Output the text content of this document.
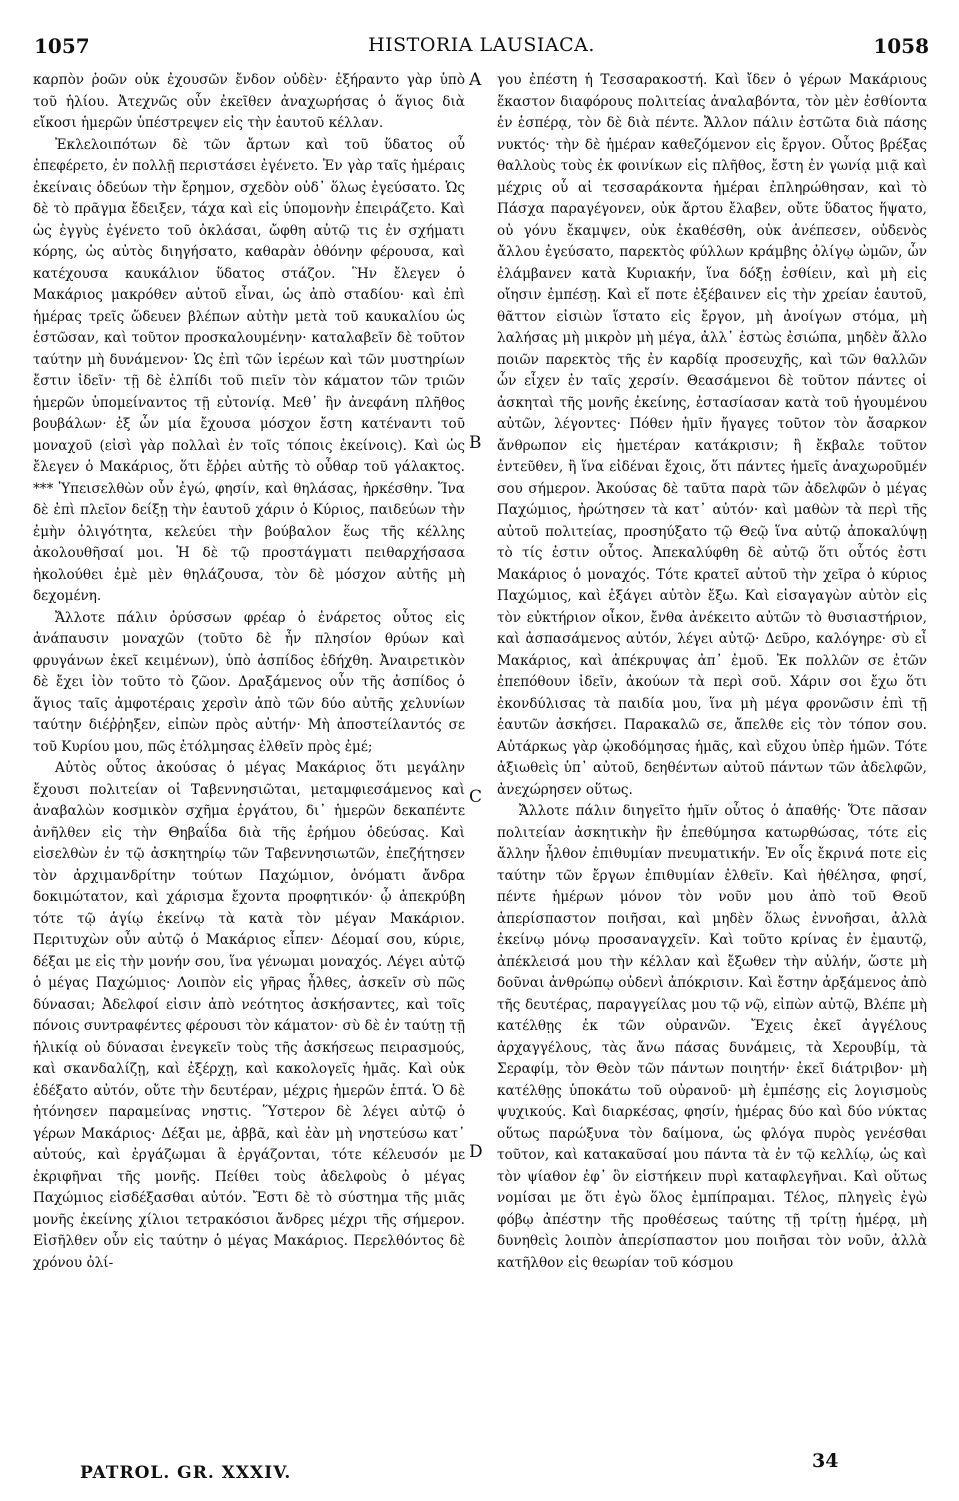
1057	HISTORIA LAUSIACA.	1058

καρπὸν ῥοῶν οὐκ ἐχουσῶν ἔνδον οὐδὲν· ἐξήραντο γὰρ ὑπὸ τοῦ ἡλίου. Ἀτεχνῶς οὖν ἐκεῖθεν ἀναχωρήσας ὁ ἅγιος διὰ εἴκοσι ἡμερῶν ὑπέστρεψεν εἰς τὴν ἑαυτοῦ κέλλαν.

Ἐκλελοιπότων δὲ τῶν ἄρτων καὶ τοῦ ὕδατος οὗ ἐπεφέρετο, ἐν πολλῇ περιστάσει ἐγένετο. Ἐν γὰρ ταῖς ἡμέραις ἐκείναις ὁδεύων τὴν ἔρημον, σχεδὸν οὐδ᾽ ὅλως ἐγεύσατο. Ὡς δὲ τὸ πρᾶγμα ἔδειξεν, τάχα καὶ εἰς ὑπομονὴν ἐπειράζετο. Καὶ ὡς ἐγγὺς ἐγένετο τοῦ ὀκλάσαι, ὤφθη αὐτῷ τις ἐν σχήματι κόρης, ὡς αὐτὸς διηγήσατο, καθαρὰν ὀθόνην φέρουσα, καὶ κατέχουσα καυκάλιον ὕδατος στάζον. Ἣν ἔλεγεν ὁ Μακάριος μακρόθεν αὐτοῦ εἶναι, ὡς ἀπὸ σταδίου· καὶ ἐπὶ ἡμέρας τρεῖς ὥδευεν βλέπων αὐτὴν μετὰ τοῦ καυκαλίου ὡς ἑστῶσαν, καὶ τοῦτον προσκαλουμένην· καταλαβεῖν δὲ τοῦτον ταύτην μὴ δυνάμενον· Ὡς ἐπὶ τῶν ἱερέων καὶ τῶν μυστηρίων ἔστιν ἰδεῖν· τῇ δὲ ἐλπίδι τοῦ πιεῖν τὸν κάματον τῶν τριῶν ἡμερῶν ὑπομείναντος τῇ εὐτονίᾳ. Μεθ᾽ ἣν ἀνεφάνη πλῆθος βουβάλων· ἐξ ὧν μία ἔχουσα μόσχον ἔστη κατέναντι τοῦ μοναχοῦ (εἰσὶ γὰρ πολλαὶ ἐν τοῖς τόποις ἐκείνοις). Καὶ ὡς ἔλεγεν ὁ Μακάριος, ὅτι ἔῤῥει αὐτῆς τὸ οὖθαρ τοῦ γάλακτος. *** Ὑπεισελθὼν οὖν ἐγώ, φησίν, καὶ θηλάσας, ἠρκέσθην. Ἵνα δὲ ἐπὶ πλεῖον δείξῃ τὴν ἑαυτοῦ χάριν ὁ Κύριος, παιδεύων τὴν ἐμὴν ὀλιγότητα, κελεύει τὴν βούβαλον ἕως τῆς κέλλης ἀκολουθῆσαί μοι. Ἡ δὲ τῷ προστάγματι πειθαρχήσασα ἠκολούθει ἐμὲ μὲν θηλάζουσα, τὸν δὲ μόσχον αὐτῆς μὴ δεχομένη.

Ἄλλοτε πάλιν ὀρύσσων φρέαρ ὁ ἐνάρετος οὗτος εἰς ἀνάπαυσιν μοναχῶν (τοῦτο δὲ ἦν πλησίον θρύων καὶ φρυγάνων ἐκεῖ κειμένων), ὑπὸ ἀσπίδος ἐδήχθη. Ἀναιρετικὸν δὲ ἔχει ἰὸν τοῦτο τὸ ζῶον. Δραξάμενος οὖν τῆς ἀσπίδος ὁ ἅγιος ταῖς ἀμφοτέραις χερσὶν ἀπὸ τῶν δύο αὐτῆς χελυνίων ταύτην διέῤῥηξεν, εἰπὼν πρὸς αὐτήν· Μὴ ἀποστείλαντός σε τοῦ Κυρίου μου, πῶς ἐτόλμησας ἐλθεῖν πρὸς ἐμέ;

Αὐτὸς οὗτος ἀκούσας ὁ μέγας Μακάριος ὅτι μεγάλην ἔχουσι πολιτείαν οἱ Ταβεννησιῶται, μεταμφιεσάμενος καὶ ἀναβαλὼν κοσμικὸν σχῆμα ἐργάτου, δι᾽ ἡμερῶν δεκαπέντε ἀνῆλθεν εἰς τὴν Θηβαΐδα διὰ τῆς ἐρήμου ὁδεύσας. Καὶ εἰσελθὼν ἐν τῷ ἀσκητηρίῳ τῶν Ταβεννησιωτῶν, ἐπεζήτησεν τὸν ἀρχιμανδρίτην τούτων Παχώμιον, ὀνόματι ἄνδρα δοκιμώτατον, καὶ χάρισμα ἔχοντα προφητικόν· ᾧ ἀπεκρύβη τότε τῷ ἁγίῳ ἐκείνῳ τὰ κατὰ τὸν μέγαν Μακάριον. Περιτυχὼν οὖν αὐτῷ ὁ Μακάριος εἶπεν· Δέομαί σου, κύριε, δέξαι με εἰς τὴν μονήν σου, ἵνα γένωμαι μοναχός. Λέγει αὐτῷ ὁ μέγας Παχώμιος· Λοιπὸν εἰς γῆρας ἦλθες, ἀσκεῖν σὺ πῶς δύνασαι; Ἀδελφοί εἰσιν ἀπὸ νεότητος ἀσκήσαντες, καὶ τοῖς πόνοις συντραφέντες φέρουσι τὸν κάματον· σὺ δὲ ἐν ταύτῃ τῇ ἡλικίᾳ οὐ δύνασαι ἐνεγκεῖν τοὺς τῆς ἀσκήσεως πειρασμούς, καὶ σκανδαλίζῃ, καὶ ἐξέρχῃ, καὶ κακολογεῖς ἡμᾶς. Καὶ οὐκ ἐδέξατο αὐτόν, οὔτε τὴν δευτέραν, μέχρις ἡμερῶν ἑπτά. Ὁ δὲ ἠτόνησεν παραμείνας νηστις. Ὕστερον δὲ λέγει αὐτῷ ὁ γέρων Μακάριος· Δέξαι με, ἀββᾶ, καὶ ἐὰν μὴ νηστεύσω κατ᾽ αὐτούς, καὶ ἐργάζωμαι ἃ ἐργάζονται, τότε κέλευσόν με ἐκριφῆναι τῆς μονῆς. Πείθει τοὺς ἀδελφοὺς ὁ μέγας Παχώμιος εἰσδέξασθαι αὐτόν. Ἔστι δὲ τὸ σύστημα τῆς μιᾶς μονῆς ἐκείνης χίλιοι τετρακόσιοι ἄνδρες μέχρι τῆς σήμερον. Εἰσῆλθεν οὖν εἰς ταύτην ὁ μέγας Μακάριος. Περελθόντος δὲ χρόνου ὀλί-

γου ἐπέστη ἡ Τεσσαρακοστή. Καὶ ἴδεν ὁ γέρων Μακάριους ἕκαστον διαφόρους πολιτείας ἀναλαβόντα, τὸν μὲν ἐσθίοντα ἐν ἑσπέρᾳ, τὸν δὲ διὰ πέντε. Ἄλλον πάλιν ἑστῶτα διὰ πάσης νυκτός· τὴν δὲ ἡμέραν καθεζόμενον εἰς ἔργον. Οὗτος βρέξας θαλλοὺς τοὺς ἐκ φοινίκων εἰς πλῆθος, ἔστη ἐν γωνίᾳ μιᾷ καὶ μέχρις οὗ αἱ τεσσαράκοντα ἡμέραι ἐπληρώθησαν, καὶ τὸ Πάσχα παραγέγονεν, οὐκ ἄρτου ἔλαβεν, οὔτε ὕδατος ἥψατο, οὐ γόνυ ἔκαμψεν, οὐκ ἐκαθέσθη, οὐκ ἀνέπεσεν, οὐδενὸς ἄλλου ἐγεύσατο, παρεκτὸς φύλλων κράμβης ὀλίγῳ ὠμῶν, ὧν ἐλάμβανεν κατὰ Κυριακήν, ἵνα δόξῃ ἐσθίειν, καὶ μὴ εἰς οἴησιν ἐμπέσῃ. Καὶ εἴ ποτε ἐξέβαινεν εἰς τὴν χρείαν ἑαυτοῦ, θᾶττον εἰσιὼν ἵστατο εἰς ἔργον, μὴ ἀνοίγων στόμα, μὴ λαλήσας μὴ μικρὸν μὴ μέγα, ἀλλ᾽ ἑστὼς ἐσιώπα, μηδὲν ἄλλο ποιῶν παρεκτὸς τῆς ἐν καρδίᾳ προσευχῆς, καὶ τῶν θαλλῶν ὧν εἶχεν ἐν ταῖς χερσίν. Θεασάμενοι δὲ τοῦτον πάντες οἱ ἀσκηταὶ τῆς μονῆς ἐκείνης, ἐστασίασαν κατὰ τοῦ ἡγουμένου αὐτῶν, λέγοντες· Πόθεν ἡμῖν ἤγαγες τοῦτον τὸν ἄσαρκον ἄνθρωπον εἰς ἡμετέραν κατάκρισιν; ἢ ἔκβαλε τοῦτον ἐντεῦθεν, ἢ ἵνα εἰδέναι ἔχοις, ὅτι πάντες ἡμεῖς ἀναχωροῦμέν σου σήμερον. Ἀκούσας δὲ ταῦτα παρὰ τῶν ἀδελφῶν ὁ μέγας Παχώμιος, ἠρώτησεν τὰ κατ᾽ αὐτόν· καὶ μαθὼν τὰ περὶ τῆς αὐτοῦ πολιτείας, προσηύξατο τῷ Θεῷ ἵνα αὐτῷ ἀποκαλύψῃ τὸ τίς ἐστιν οὗτος. Ἀπεκαλύφθη δὲ αὐτῷ ὅτι οὗτός ἐστι Μακάριος ὁ μοναχός. Τότε κρατεῖ αὐτοῦ τὴν χεῖρα ὁ κύριος Παχώμιος, καὶ ἐξάγει αὐτὸν ἔξω. Καὶ εἰσαγαγὼν αὐτὸν εἰς τὸν εὐκτήριον οἶκον, ἔνθα ἀνέκειτο αὐτῶν τὸ θυσιαστήριον, καὶ ἀσπασάμενος αὐτόν, λέγει αὐτῷ· Δεῦρο, καλόγηρε· σὺ εἶ Μακάριος, καὶ ἀπέκρυψας ἀπ᾽ ἐμοῦ. Ἐκ πολλῶν σε ἐτῶν ἐπεπόθουν ἰδεῖν, ἀκούων τὰ περὶ σοῦ. Χάριν σοι ἔχω ὅτι ἐκονδύλισας τὰ παιδία μου, ἵνα μὴ μέγα φρονῶσιν ἐπὶ τῇ ἑαυτῶν ἀσκήσει. Παρακαλῶ σε, ἄπελθε εἰς τὸν τόπον σου. Αὐτάρκως γὰρ ᾠκοδόμησας ἡμᾶς, καὶ εὔχου ὑπὲρ ἡμῶν. Τότε ἀξιωθεὶς ὑπ᾽ αὐτοῦ, δεηθέντων αὐτοῦ πάντων τῶν ἀδελφῶν, ἀνεχώρησεν οὕτως.

Ἄλλοτε πάλιν διηγεῖτο ἡμῖν οὗτος ὁ ἀπαθής· Ὅτε πᾶσαν πολιτείαν ἀσκητικὴν ἣν ἐπεθύμησα κατωρθώσας, τότε εἰς ἄλλην ἦλθον ἐπιθυμίαν πνευματικήν. Ἐν οἷς ἔκρινά ποτε εἰς ταύτην τῶν ἔργων ἐπιθυμίαν ἐλθεῖν. Καὶ ἠθέλησα, φησί, πέντε ἡμέρων μόνον τὸν νοῦν μου ἀπὸ τοῦ Θεοῦ ἀπερίσπαστον ποιῆσαι, καὶ μηδὲν ὅλως ἐννοῆσαι, ἀλλὰ ἐκείνῳ μόνῳ προσαναγχεῖν. Καὶ τοῦτο κρίνας ἐν ἐμαυτῷ, ἀπέκλεισά μου τὴν κέλλαν καὶ ἔξωθεν τὴν αὐλήν, ὥστε μὴ δοῦναι ἀνθρώπῳ οὐδενὶ ἀπόκρισιν. Καὶ ἔστην ἀρξάμενος ἀπὸ τῆς δευτέρας, παραγγείλας μου τῷ νῷ, εἰπὼν αὐτῷ, Βλέπε μὴ κατέλθῃς ἐκ τῶν οὐρανῶν. Ἔχεις ἐκεῖ ἀγγέλους ἀρχαγγέλους, τὰς ἄνω πάσας δυνάμεις, τὰ Χερουβίμ, τὰ Σεραφίμ, τὸν Θεὸν τῶν πάντων ποιητήν· ἐκεῖ διάτριβον· μὴ κατέλθῃς ὑποκάτω τοῦ οὐρανοῦ· μὴ ἐμπέσῃς εἰς λογισμοὺς ψυχικούς. Καὶ διαρκέσας, φησίν, ἡμέρας δύο καὶ δύο νύκτας οὕτως παρώξυνα τὸν δαίμονα, ὡς φλόγα πυρὸς γενέσθαι τοῦτον, καὶ κατακαῦσαί μου πάντα τὰ ἐν τῷ κελλίῳ, ὡς καὶ τὸν ψίαθον ἐφ᾽ ὃν εἱστήκειν πυρὶ καταφλεγῆναι. Καὶ οὕτως νομίσαι με ὅτι ἐγὼ ὅλος ἐμπίπραμαι. Τέλος, πληγεὶς ἐγὼ φόβῳ ἀπέστην τῆς προθέσεως ταύτης τῇ τρίτῃ ἡμέρᾳ, μὴ δυνηθεὶς λοιπὸν ἀπερίσπαστον μου ποιῆσαι τὸν νοῦν, ἀλλὰ κατῆλθον εἰς θεωρίαν τοῦ κόσμου

A
B
C
D
PATROL. GR. XXXIV.
34
